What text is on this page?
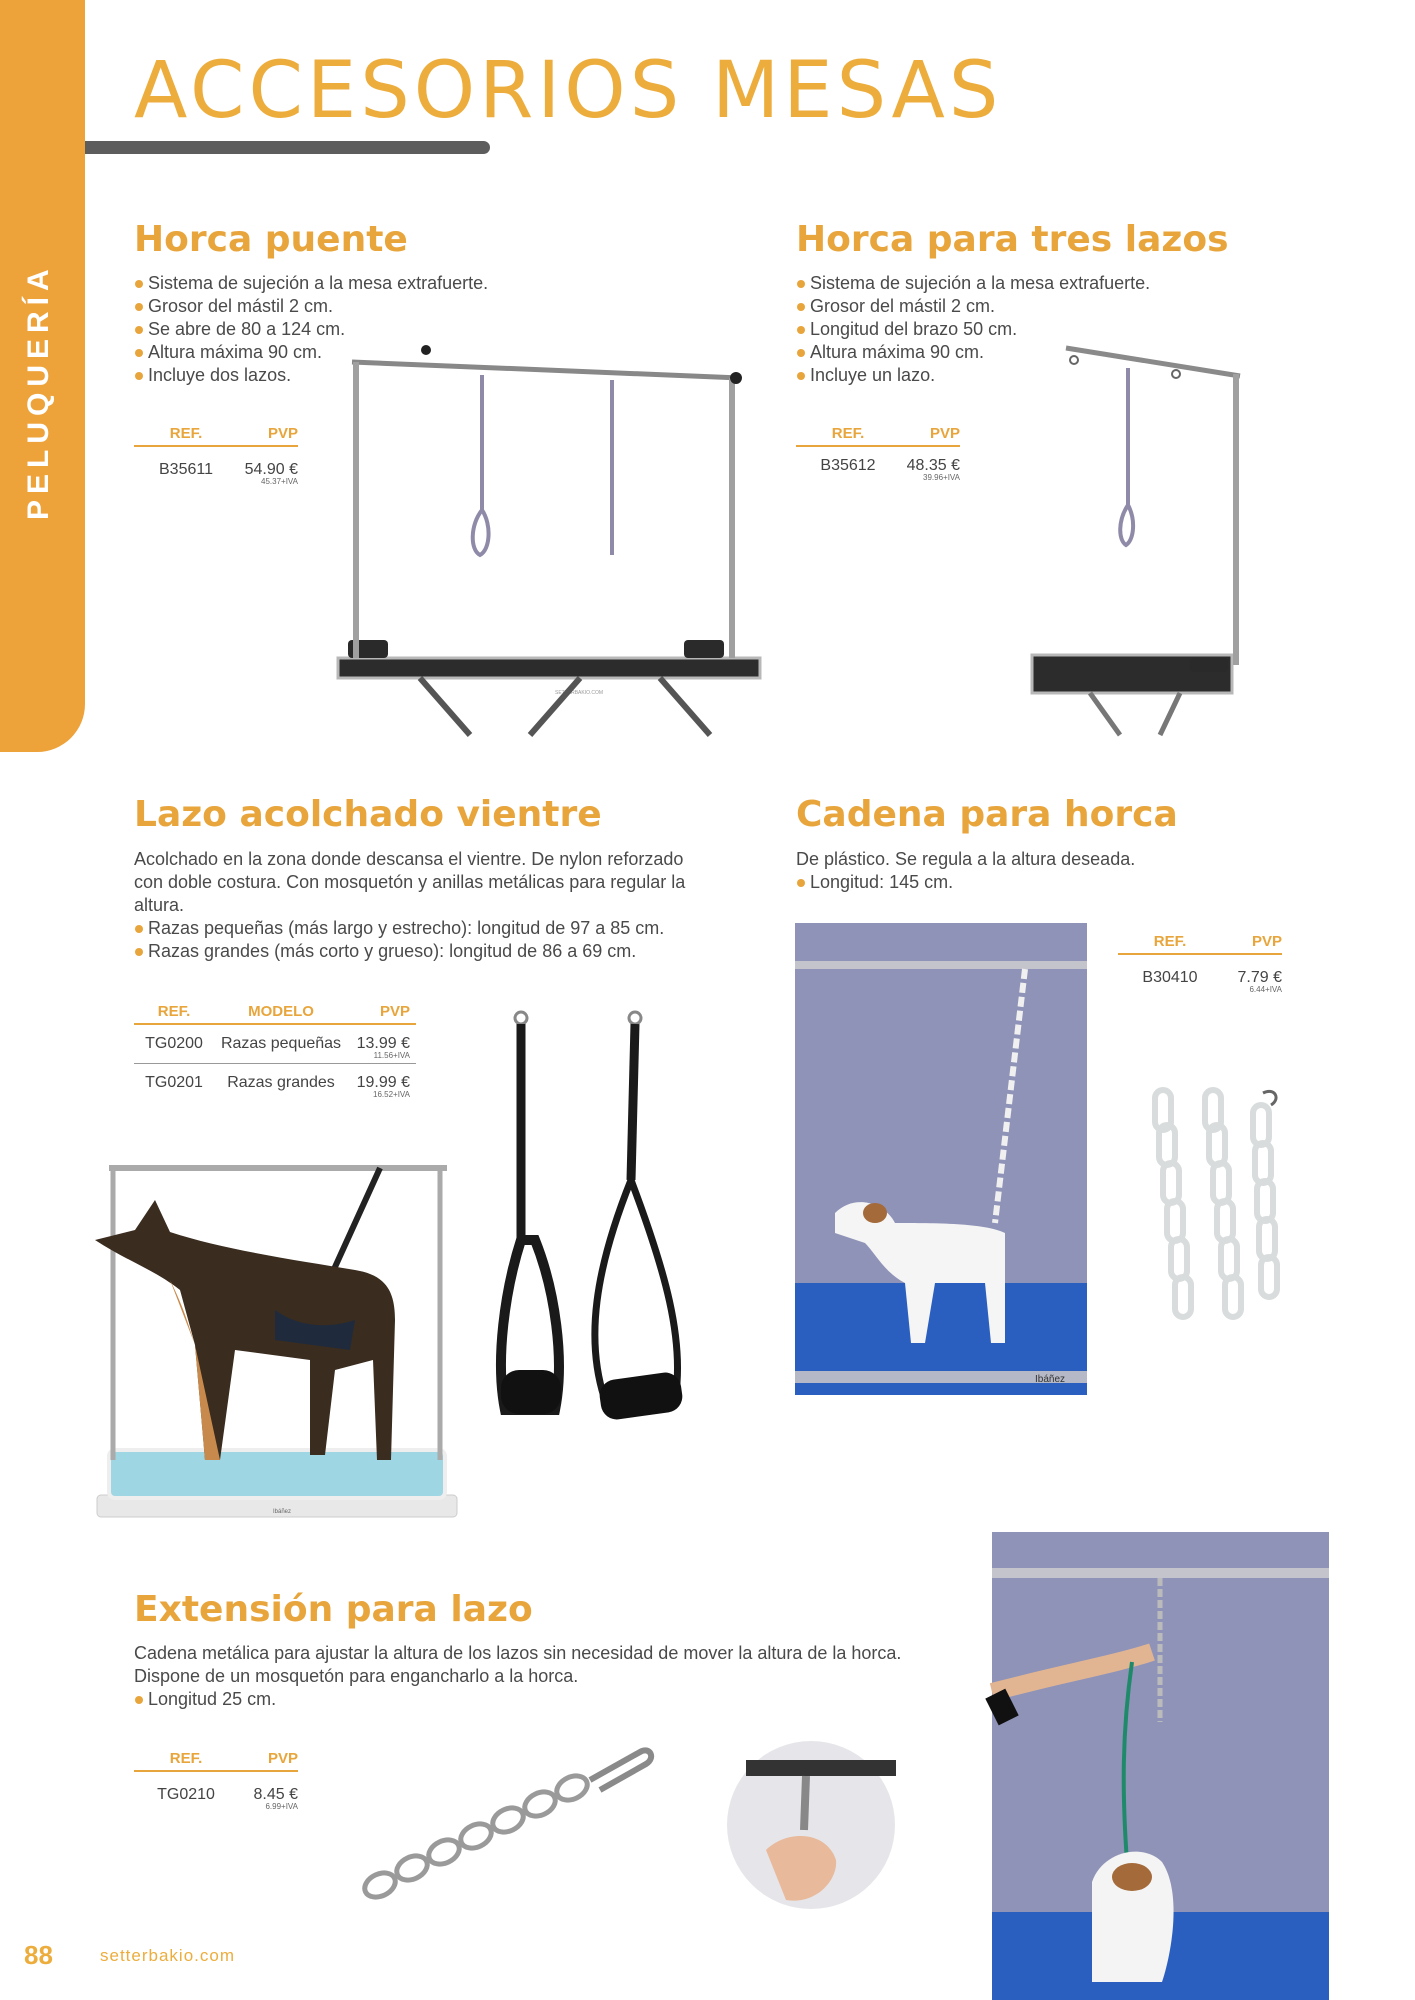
ACCESORIOS MESAS
Horca puente
Sistema de sujeción a la mesa extrafuerte.
Grosor del mástil 2 cm.
Se abre de 80 a 124 cm.
Altura máxima 90 cm.
Incluye dos lazos.
REF.	PVP
B35611	54.90 €
45.37+IVA
SETTERBAKIO.COM
Horca para tres lazos
Sistema de sujeción a la mesa extrafuerte.
Grosor del mástil 2 cm.
Longitud del brazo 50 cm.
Altura máxima 90 cm.
Incluye un lazo.
REF.	PVP
B35612	48.35 €
39.96+IVA
Lazo acolchado vientre
Acolchado en la zona donde descansa el vientre. De nylon reforzado con doble costura. Con mosquetón y anillas metálicas para regular la altura.
Razas pequeñas (más largo y estrecho): longitud de 97 a 85 cm.
Razas grandes (más corto y grueso): longitud de 86 a 69 cm.
REF.	MODELO	PVP
TG0200	Razas pequeñas 13.99 €
11.56+IVA
TG0201	Razas grandes	19.99 €
16.52+IVA
Ibáñez
Cadena para horca
De plástico. Se regula a la altura deseada.
Longitud: 145 cm.
REF.	PVP
B30410	7.79 €
6.44+IVA
Ibáñez
Extensión para lazo
Cadena metálica para ajustar la altura de los lazos sin necesidad de mover la altura de la horca. Dispone de un mosquetón para engancharlo a la horca.
Longitud 25 cm.
REF.	PVP
TG0210	8.45 €
6.99+IVA
88	setterbakio.com
